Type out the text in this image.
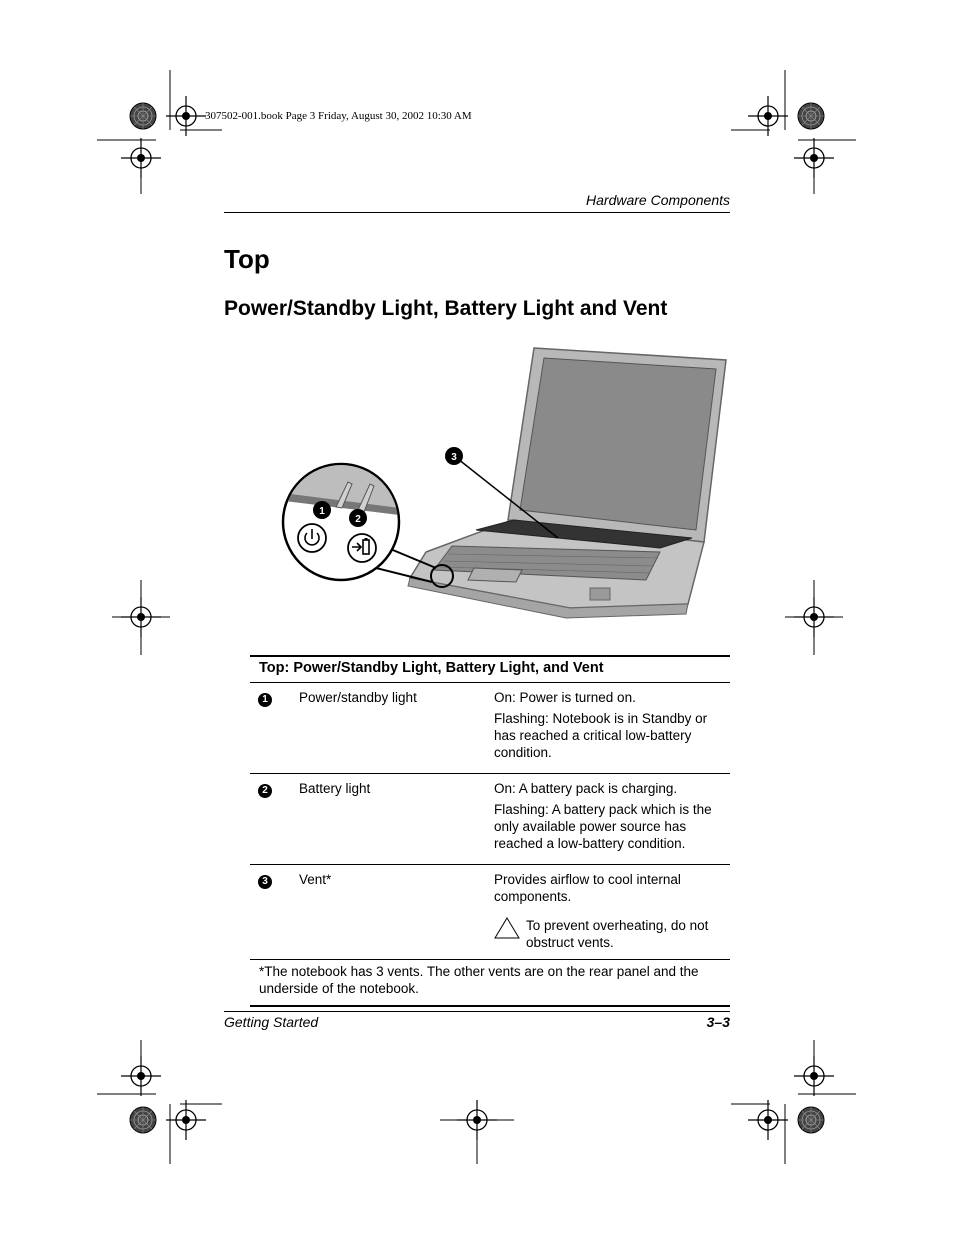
307502-001.book Page 3 Friday, August 30, 2002 10:30 AM
Hardware Components
Top
Power/Standby Light, Battery Light and Vent
1
2
3
Top: Power/Standby Light, Battery Light, and Vent		
1	Power/standby light	On: Power is turned on.

Flashing: Notebook is in Standby or has reached a critical low-battery condition.

2	Battery light	On: A battery pack is charging.

Flashing: A battery pack which is the only available power source has reached a low-battery condition.

3	Vent*	Provides airflow to cool internal components.

To prevent overheating, do not obstruct vents.

*The notebook has 3 vents. The other vents are on the rear panel and the underside of the notebook.		
Getting Started	3–3
